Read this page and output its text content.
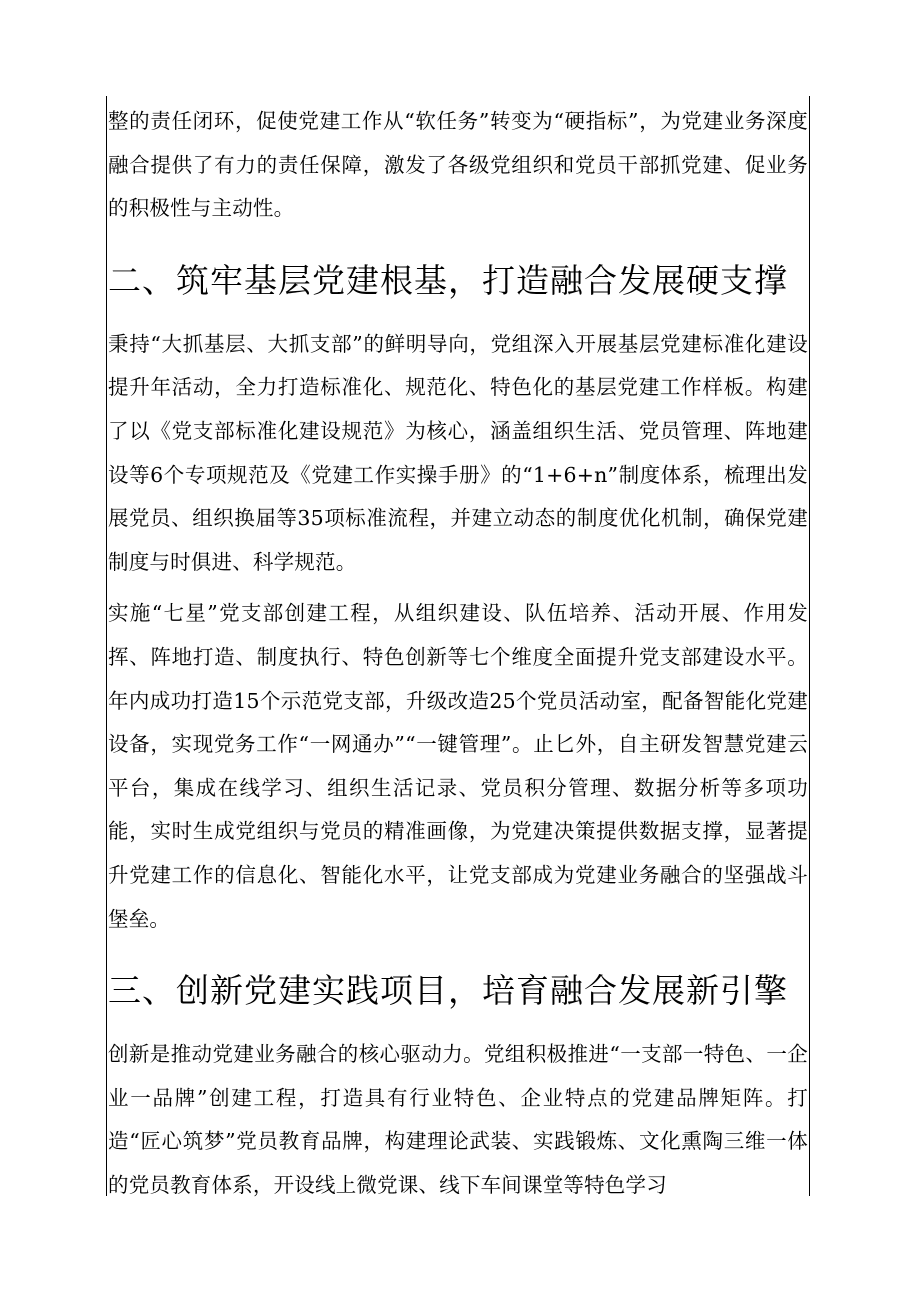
整的责任闭环，促使党建工作从“软任务”转变为“硬指标”，为党建业务深度融合提供了有力的责任保障，激发了各级党组织和党员干部抓党建、促业务的积极性与主动性。

二、筑牢基层党建根基，打造融合发展硬支撑

秉持“大抓基层、大抓支部”的鲜明导向，党组深入开展基层党建标准化建设提升年活动，全力打造标准化、规范化、特色化的基层党建工作样板。构建了以《党支部标准化建设规范》为核心，涵盖组织生活、党员管理、阵地建设等6个专项规范及《党建工作实操手册》的“1+6+n”制度体系，梳理出发展党员、组织换届等35项标准流程，并建立动态的制度优化机制，确保党建制度与时俱进、科学规范。

实施“七星”党支部创建工程，从组织建设、队伍培养、活动开展、作用发挥、阵地打造、制度执行、特色创新等七个维度全面提升党支部建设水平。年内成功打造15个示范党支部，升级改造25个党员活动室，配备智能化党建设备，实现党务工作“一网通办”“一键管理”。止匕外，自主研发智慧党建云平台，集成在线学习、组织生活记录、党员积分管理、数据分析等多项功能，实时生成党组织与党员的精准画像，为党建决策提供数据支撑，显著提升党建工作的信息化、智能化水平，让党支部成为党建业务融合的坚强战斗堡垒。

三、创新党建实践项目，培育融合发展新引擎

创新是推动党建业务融合的核心驱动力。党组积极推进“一支部一特色、一企业一品牌”创建工程，打造具有行业特色、企业特点的党建品牌矩阵。打造“匠心筑梦”党员教育品牌，构建理论武装、实践锻炼、文化熏陶三维一体的党员教育体系，开设线上微党课、线下车间课堂等特色学习
